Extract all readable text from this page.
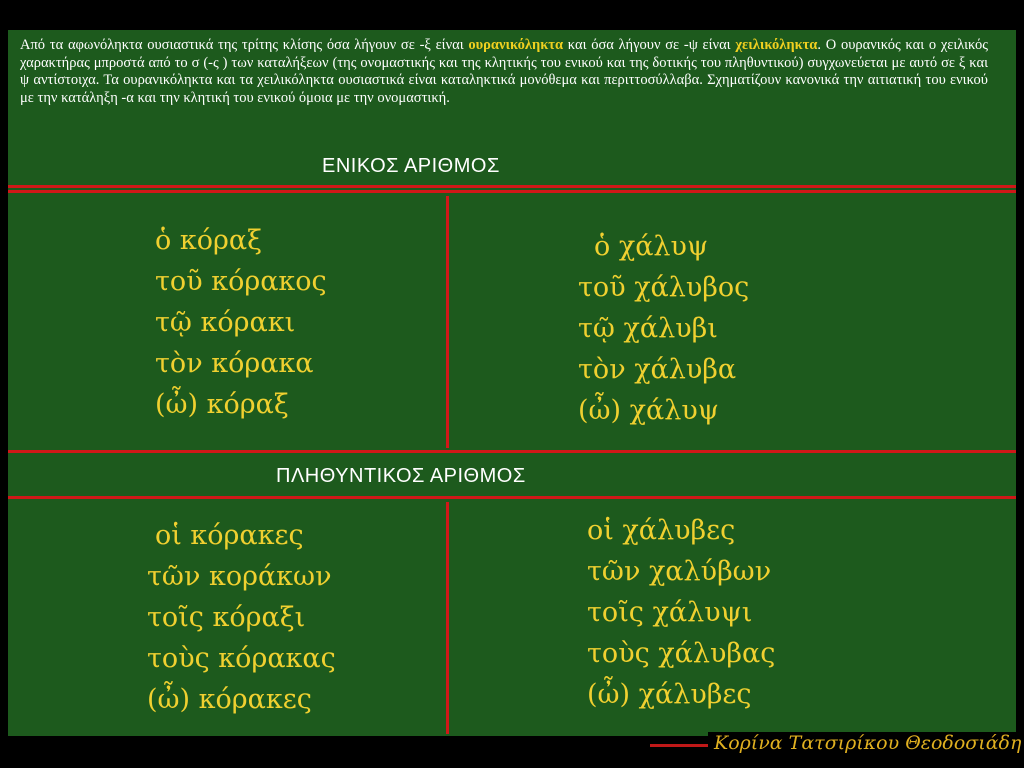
Από τα αφωνόληκτα ουσιαστικά της τρίτης κλίσης όσα λήγουν σε -ξ είναι ουρανικόληκτα και όσα λήγουν σε -ψ είναι χειλικόληκτα. Ο ουρανικός και ο χειλικός χαρακτήρας μπροστά από το σ (-ς ) των καταλήξεων (της ονομαστικής και της κλητικής του ενικού και της δοτικής του πληθυντικού) συγχωνεύεται με αυτό σε ξ και ψ αντίστοιχα. Τα ουρανικόληκτα και τα χειλικόληκτα ουσιαστικά είναι καταληκτικά μονόθεμα και περιττοσύλλαβα. Σχηματίζουν κανονικά την αιτιατική του ενικού με την κατάληξη -α και την κλητική του ενικού όμοια με την ονομαστική.

ΕΝΙΚΟΣ ΑΡΙΘΜΟΣ
ὁ κόραξ
τοῦ κόρακος
τῷ κόρακι
τὸν κόρακα
(ὦ) κόραξ
ὁ χάλυψ
τοῦ χάλυβος
τῷ χάλυβι
τὸν χάλυβα
(ὦ) χάλυψ
ΠΛΗΘΥΝΤΙΚΟΣ ΑΡΙΘΜΟΣ
οἱ κόρακες
τῶν κοράκων
τοῖς κόραξι
τοὺς κόρακας
(ὦ) κόρακες
οἱ χάλυβες
τῶν χαλύβων
τοῖς χάλυψι
τοὺς χάλυβας
(ὦ) χάλυβες
Κορίνα Τατσιρίκου Θεοδοσιάδη
